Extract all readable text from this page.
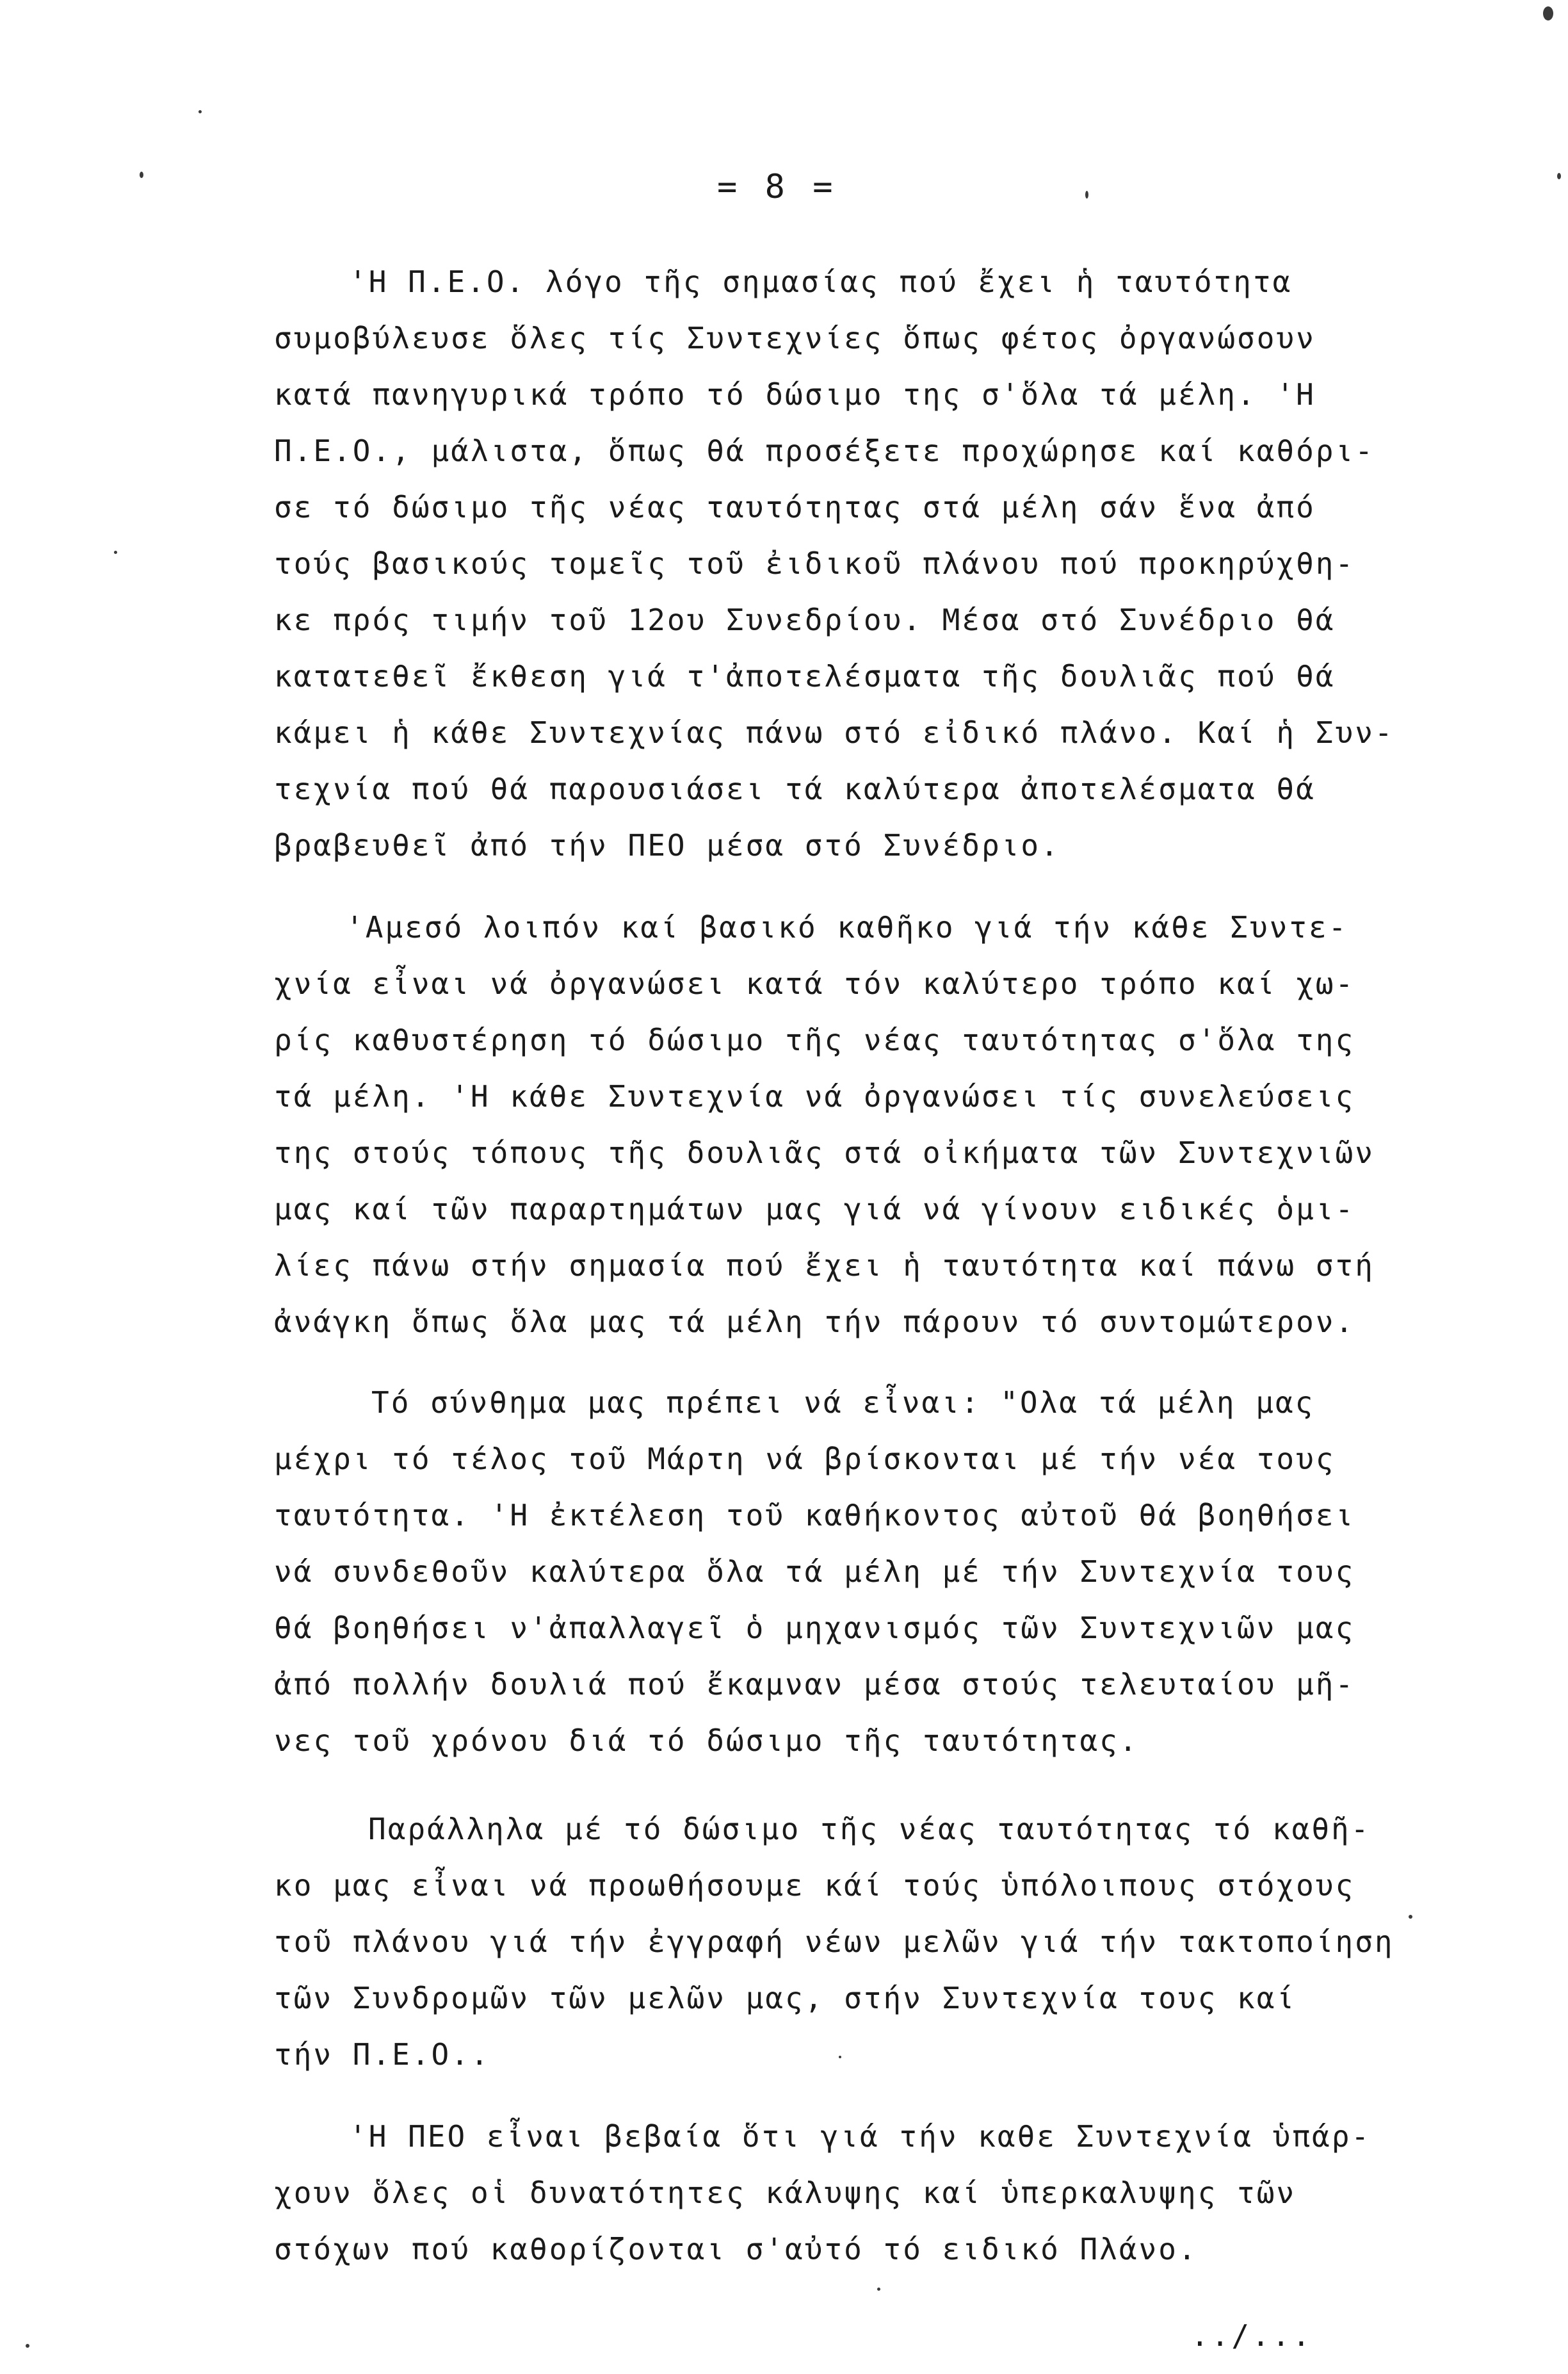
= 8 =
'Η Π.Ε.Ο. λόγο τῆς σημασίας πού ἔχει ἡ ταυτότητα
συμοβύλευσε ὅλες τίς Συντεχνίες ὅπως φέτος ὀργανώσουν
κατά πανηγυρικά τρόπο τό δώσιμο της σ'ὅλα τά μέλη. 'Η
Π.Ε.Ο., μάλιστα, ὅπως θά προσέξετε προχώρησε καί καθόρι-
σε τό δώσιμο τῆς νέας ταυτότητας στά μέλη σάν ἕνα ἀπό
τούς βασικούς τομεῖς τοῦ ἐιδικοῦ πλάνου πού προκηρύχθη-
κε πρός τιμήν τοῦ 12ου Συνεδρίου. Μέσα στό Συνέδριο θά
κατατεθεῖ ἔκθεση γιά τ'ἀποτελέσματα τῆς δουλιᾶς πού θά
κάμει ἡ κάθε Συντεχνίας πάνω στό εἰδικό πλάνο. Καί ἡ Συν-
τεχνία πού θά παρουσιάσει τά καλύτερα ἀποτελέσματα θά
βραβευθεῖ ἀπό τήν ΠΕΟ μέσα στό Συνέδριο.
'Αμεσό λοιπόν καί βασικό καθῆκο γιά τήν κάθε Συντε-
χνία εἶναι νά ὀργανώσει κατά τόν καλύτερο τρόπο καί χω-
ρίς καθυστέρηση τό δώσιμο τῆς νέας ταυτότητας σ'ὅλα της
τά μέλη. 'Η κάθε Συντεχνία νά ὀργανώσει τίς συνελεύσεις
της στούς τόπους τῆς δουλιᾶς στά οἰκήματα τῶν Συντεχνιῶν
μας καί τῶν παραρτημάτων μας γιά νά γίνουν ειδικές ὁμι-
λίες πάνω στήν σημασία πού ἔχει ἡ ταυτότητα καί πάνω στή
ἀνάγκη ὅπως ὅλα μας τά μέλη τήν πάρουν τό συντομώτερον.
Τό σύνθημα μας πρέπει νά εἶναι: "Ολα τά μέλη μας
μέχρι τό τέλος τοῦ Μάρτη νά βρίσκονται μέ τήν νέα τους
ταυτότητα. 'Η ἐκτέλεση τοῦ καθήκοντος αὐτοῦ θά βοηθήσει
νά συνδεθοῦν καλύτερα ὅλα τά μέλη μέ τήν Συντεχνία τους
θά βοηθήσει ν'ἀπαλλαγεῖ ὁ μηχανισμός τῶν Συντεχνιῶν μας
ἀπό πολλήν δουλιά πού ἔκαμναν μέσα στούς τελευταίου μῆ-
νες τοῦ χρόνου διά τό δώσιμο τῆς ταυτότητας.
Παράλληλα μέ τό δώσιμο τῆς νέας ταυτότητας τό καθῆ-
κο μας εἶναι νά προωθήσουμε κάί τούς ὑπόλοιπους στόχους
τοῦ πλάνου γιά τήν ἐγγραφή νέων μελῶν γιά τήν τακτοποίηση
τῶν Συνδρομῶν τῶν μελῶν μας, στήν Συντεχνία τους καί
τήν Π.Ε.Ο..
'Η ΠΕΟ εἶναι βεβαία ὅτι γιά τήν καθε Συντεχνία ὑπάρ-
χουν ὅλες οἱ δυνατότητες κάλυψης καί ὑπερκαλυψης τῶν
στόχων πού καθορίζονται σ'αὐτό τό ειδικό Πλάνο.
../...
